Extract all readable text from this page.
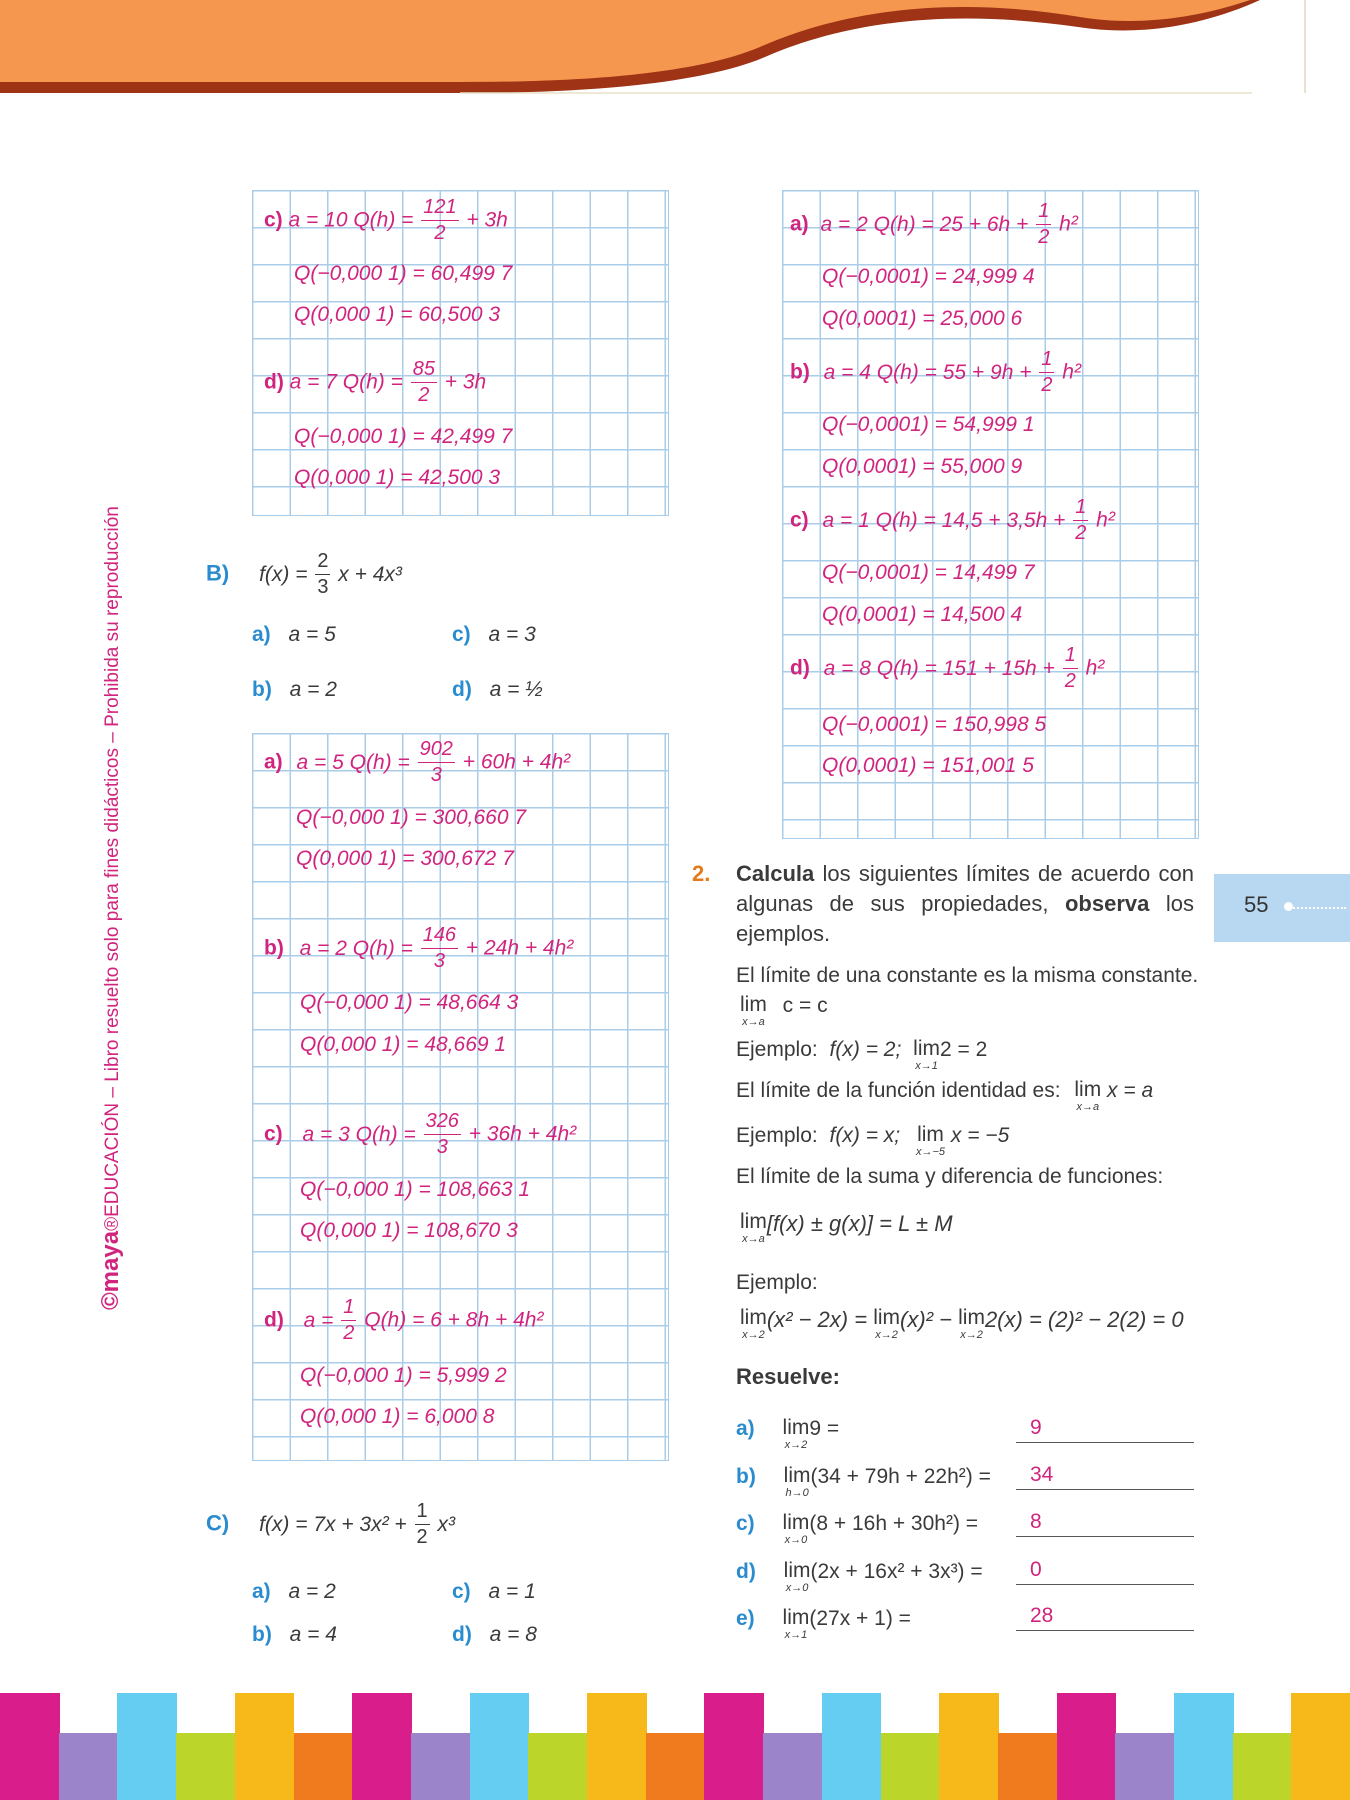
©maya®EDUCACIÓN – Libro resuelto solo para fines didácticos – Prohibida su reproducción	55
c) a = 10 $Q(h) = \frac{121}{2} + 3h$
Q(−0,000 1) = 60,499 7
Q(0,000 1) = 60,500 3
d) a = 7 $Q(h) = \frac{85}{2} + 3h$
Q(−0,000 1) = 42,499 7
Q(0,000 1) = 42,500 3
B) $f(x) = \frac{2}{3}$ x + 4x³
a) a = 5	c) a = 3
b) a = 2	d) a = ½
a) a = 5 $Q(h) = \frac{902}{3} + 60h + 4h^2$
Q(−0,000 1) = 300,660 7
Q(0,000 1) = 300,672 7
b) a = 2 $Q(h) = \frac{146}{3} + 24h + 4h^2$
Q(−0,000 1) = 48,664 3
Q(0,000 1) = 48,669 1
c) a = 3 $Q(h) = \frac{326}{3} + 36h + 4h^2$
Q(−0,000 1) = 108,663 1
Q(0,000 1) = 108,670 3
d) $a = \frac{1}{2} Q(h) = 6 + 8h + 4h^2$
Q(−0,000 1) = 5,999 2
Q(0,000 1) = 6,000 8
C) $f(x) = 7x + 3x^2 + \frac{1}{2} x^3$
a) a = 2	c) a = 1
b) a = 4	d) a = 8
a) a = 2 $Q(h) = 25 + 6h + \frac{1}{2} h^2$
Q(−0,0001) = 24,999 4
Q(0,0001) = 25,000 6
b) a = 4 $Q(h) = 55 + 9h + \frac{1}{2} h^2$
Q(−0,0001) = 54,999 1
Q(0,0001) = 55,000 9
c) a = 1 $Q(h) = 14,5 + 3,5h + \frac{1}{2} h^2$
Q(−0,0001) = 14,499 7
Q(0,0001) = 14,500 4
d) a = 8 $Q(h) = 151 + 15h + \frac{1}{2} h^2$
Q(−0,0001) = 150,998 5
Q(0,0001) = 151,001 5
2. Calcula los siguientes límites de acuerdo con algunas de sus propiedades, observa los ejemplos.
El límite de una constante es la misma constante.
lim
x→a
c = c
Ejemplo: f(x) = 2; lim
x→1
2 = 2
El límite de la función identidad es: lim
x→a
x = a
Ejemplo: f(x) = x; lim
x→−5
x = −5
El límite de la suma y diferencia de funciones:
lim
x→a
[f(x) ± g(x)] = L ± M
Ejemplo:
lim
x→2
(x² − 2x) = lim
x→2
(x)² − lim
x→2
2(x) = (2)² − 2(2) = 0
Resuelve:
a) lim
x→2
9 =	9
b) lim
h→0
(34 + 79h + 22h²) = 34
c) lim
x→0
(8 + 16h + 30h²) = 8
d) lim
x→0
(2x + 16x² + 3x³) = 0
e) lim
x→1
(27x + 1) =	28
